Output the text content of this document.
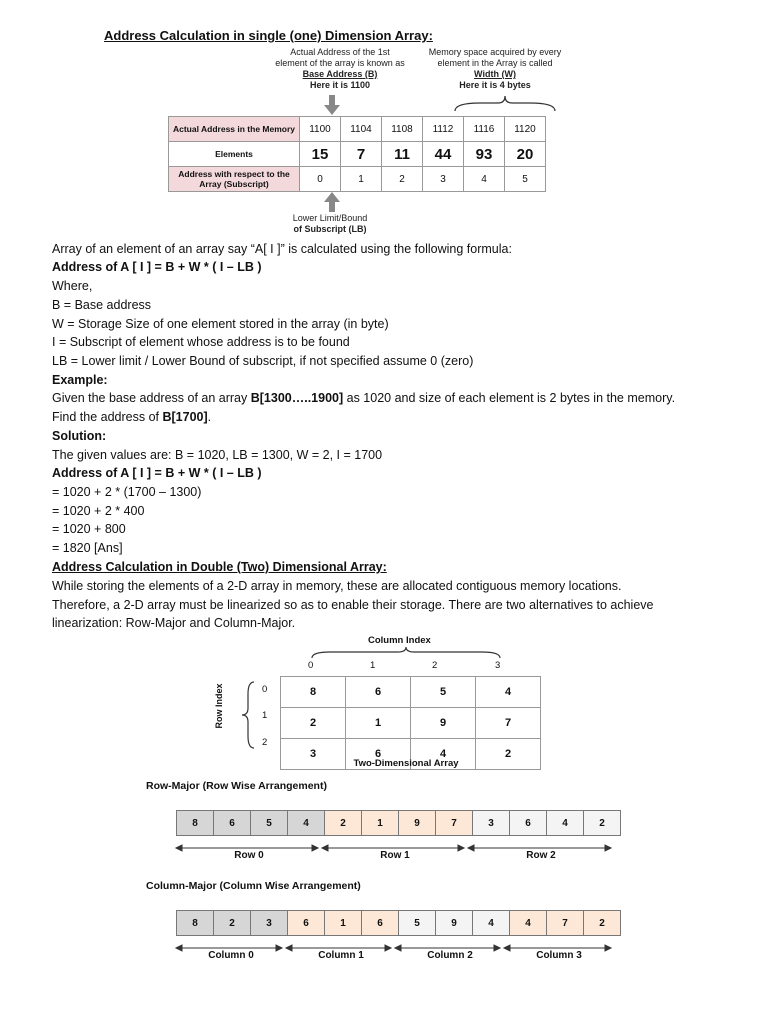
Address Calculation in single (one) Dimension Array:
Actual Address of the 1st
element of the array is known as
Base Address (B)
Here it is 1100
Memory space acquired by every
element in the Array is called
Width (W)
Here it is 4 bytes
Actual Address in the Memory	1100	1104	1108	1112	1116	1120
Elements	15	7	11	44	93	20
Address with respect to the Array (Subscript)	0	1	2	3	4	5
Lower Limit/Bound
of Subscript (LB)
Array of an element of an array say “A[ I ]” is calculated using the following formula:
Address of A [ I ] = B + W * ( I – LB )
Where,
B = Base address
W = Storage Size of one element stored in the array (in byte)
I = Subscript of element whose address is to be found
LB = Lower limit / Lower Bound of subscript, if not specified assume 0 (zero)
Example:
Given the base address of an array B[1300…..1900] as 1020 and size of each element is 2 bytes in the memory.
Find the address of B[1700].
Solution:
The given values are: B = 1020, LB = 1300, W = 2, I = 1700
Address of A [ I ] = B + W * ( I – LB )
= 1020 + 2 * (1700 – 1300)
= 1020 + 2 * 400
= 1020 + 800
= 1820 [Ans]
Address Calculation in Double (Two) Dimensional Array:
While storing the elements of a 2-D array in memory, these are allocated contiguous memory locations.
Therefore, a 2-D array must be linearized so as to enable their storage. There are two alternatives to achieve
linearization: Row-Major and Column-Major.
Column Index
0	1	2	3
Row Index	0
1
2
8	6	5	4
2	1	9	7
3	6	4	2
Two-Dimensional Array
Row-Major (Row Wise Arrangement)
8	6	5	4	2	1	9	7	3	6	4	2
Row 0	Row 1	Row 2
Column-Major (Column Wise Arrangement)
8	2	3	6	1	6	5	9	4	4	7	2
Column 0	Column 1	Column 2	Column 3
